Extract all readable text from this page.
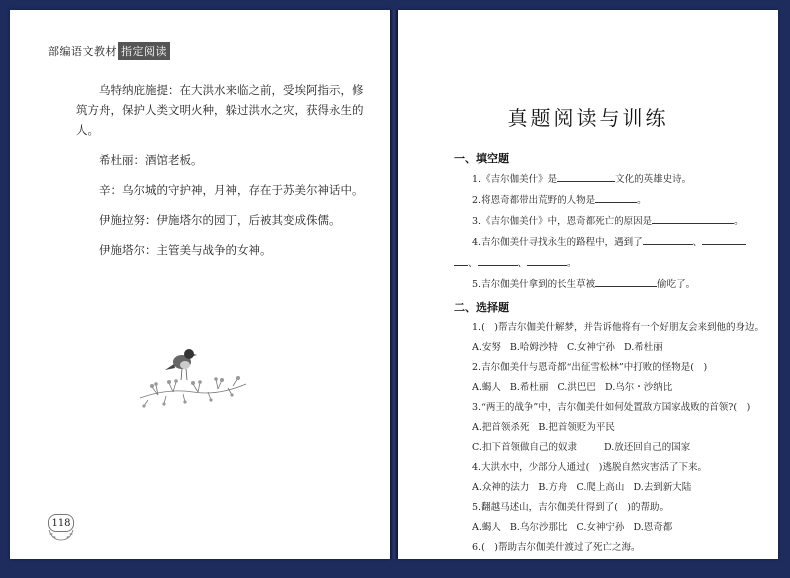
部编语文教材 指定阅读

乌特纳庇施提：在大洪水来临之前，受埃阿指示，修筑方舟，保护人类文明火种，躲过洪水之灾，获得永生的人。

希杜丽：酒馆老板。

辛：乌尔城的守护神，月神，存在于苏美尔神话中。

伊施拉努：伊施塔尔的园丁，后被其变成侏儒。

伊施塔尔：主管美与战争的女神。

118
真题阅读与训练
一、填空题
1.《吉尔伽美什》是	文化的英雄史诗。
2.将恩奇都带出荒野的人物是	。
3.《吉尔伽美什》中，恩奇都死亡的原因是	。
4.吉尔伽美什寻找永生的路程中，遇到了	、
、	、	。
5.吉尔伽美什拿到的长生草被	偷吃了。
二、选择题
1.(　)帮吉尔伽美什解梦，并告诉他将有一个好朋友会来到他的身边。
A.安努 B.哈姆沙特 C.女神宁孙 D.希杜丽
2.吉尔伽美什与恩奇都“出征雪松林”中打败的怪物是(　)
A.蝎人 B.希杜丽 C.洪巴巴 D.乌尔・沙纳比
3.“两王的战争”中，吉尔伽美什如何处置敌方国家战败的首领?(　)
A.把首领杀死 B.把首领贬为平民
C.扣下首领做自己的奴隶	D.放还回自己的国家
4.大洪水中，少部分人通过(　)逃脱自然灾害活了下来。
A.众神的法力 B.方舟 C.爬上高山 D.去到新大陆
5.翻越马述山，吉尔伽美什得到了(　)的帮助。
A.蝎人 B.乌尔沙那比 C.女神宁孙 D.恩奇都
6.(　)帮助吉尔伽美什渡过了死亡之海。
